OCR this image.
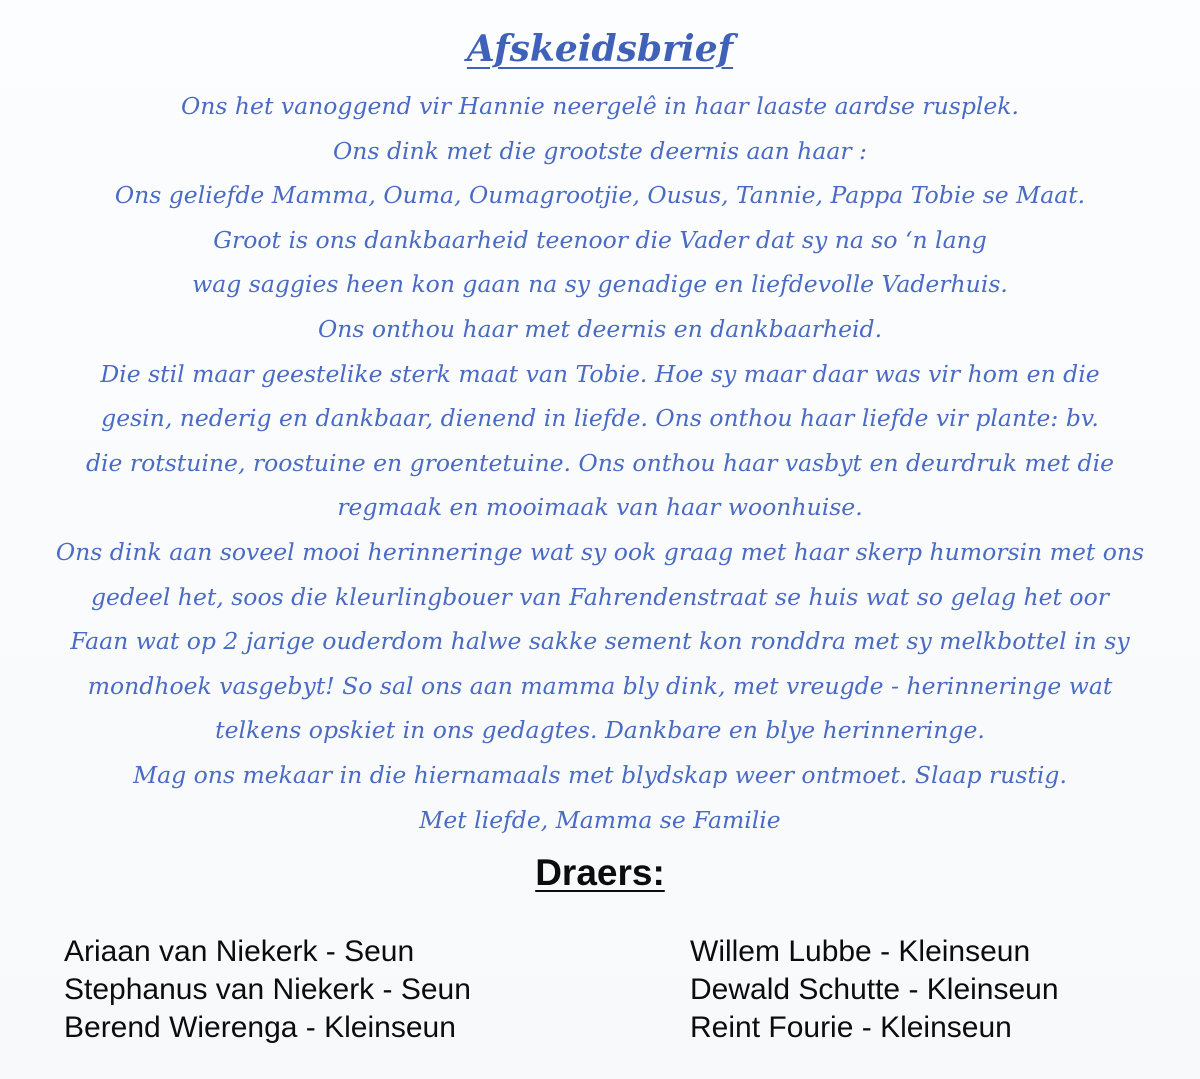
Afskeidsbrief
Ons het vanoggend vir Hannie neergelê in haar laaste aardse rusplek.
Ons dink met die grootste deernis aan haar :
Ons geliefde Mamma, Ouma, Oumagrootjie, Ousus, Tannie, Pappa Tobie se Maat.
Groot is ons dankbaarheid teenoor die Vader dat sy na so ‘n lang
wag saggies heen kon gaan na sy genadige en liefdevolle Vaderhuis.
Ons onthou haar met deernis en dankbaarheid.
Die stil maar geestelike sterk maat van Tobie. Hoe sy maar daar was vir hom en die
gesin, nederig en dankbaar, dienend in liefde. Ons onthou haar liefde vir plante: bv.
die rotstuine, roostuine en groentetuine. Ons onthou haar vasbyt en deurdruk met die
regmaak en mooimaak van haar woonhuise.
Ons dink aan soveel mooi herinneringe wat sy ook graag met haar skerp humorsin met ons
gedeel het, soos die kleurlingbouer van Fahrendenstraat se huis wat so gelag het oor
Faan wat op 2 jarige ouderdom halwe sakke sement kon ronddra met sy melkbottel in sy
mondhoek vasgebyt! So sal ons aan mamma bly dink, met vreugde - herinneringe wat
telkens opskiet in ons gedagtes. Dankbare en blye herinneringe.
Mag ons mekaar in die hiernamaals met blydskap weer ontmoet. Slaap rustig.
Met liefde, Mamma se Familie
Draers:
Ariaan van Niekerk - Seun
Stephanus van Niekerk - Seun
Berend Wierenga - Kleinseun
Willem Lubbe - Kleinseun
Dewald Schutte - Kleinseun
Reint Fourie - Kleinseun
